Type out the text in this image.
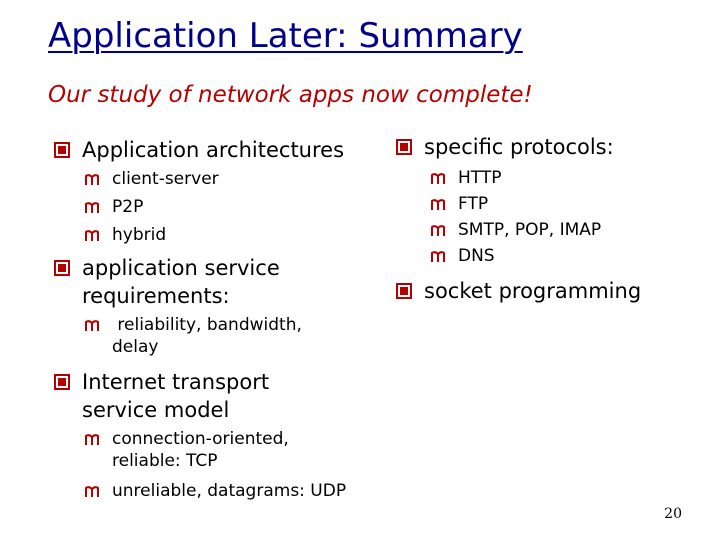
Application Later: Summary
Our study of network apps now complete!
Application architectures
client-server
P2P
hybrid
application service requirements:
reliability, bandwidth, delay
Internet transport service model
connection-oriented, reliable: TCP
unreliable, datagrams: UDP
specific protocols:
HTTP
FTP
SMTP, POP, IMAP
DNS
socket programming
20
